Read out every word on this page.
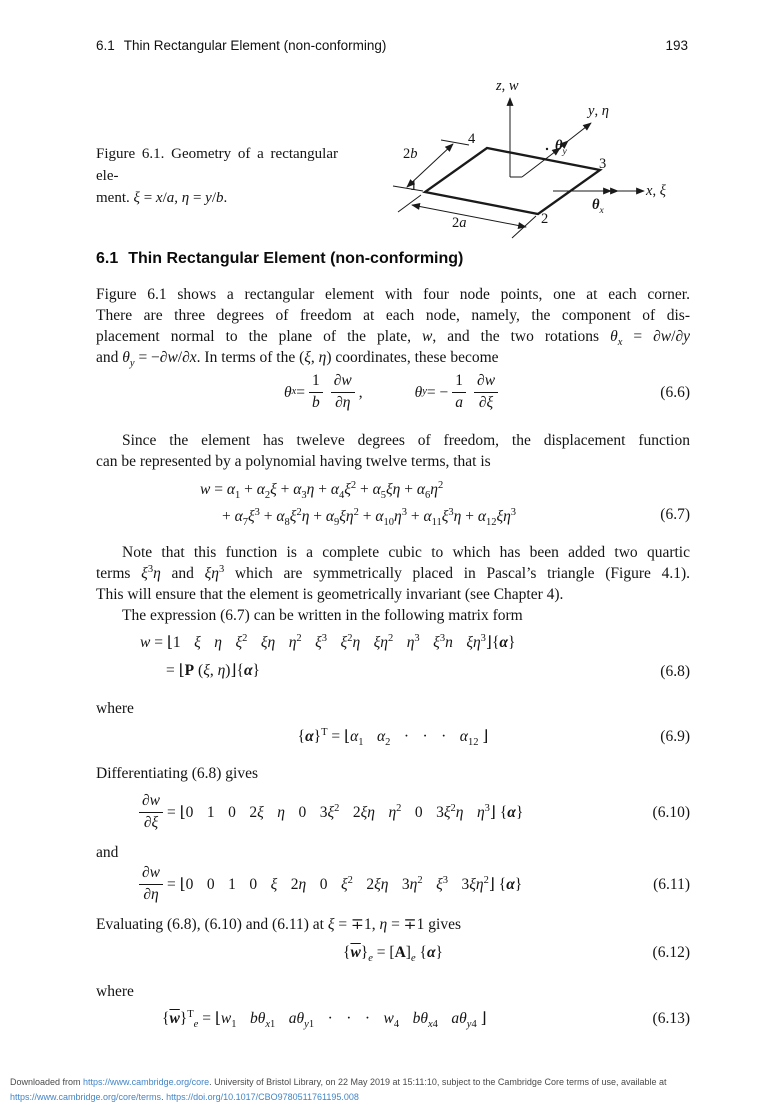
6.1 Thin Rectangular Element (non-conforming)	193
Figure 6.1. Geometry of a rectangular ele-
ment. ξ = x/a, η = y/b.
z, w
y, η
x, ξ
$\theta_y$
$\theta_x$
1
2
3
4
2b
2a
6.1 Thin Rectangular Element (non-conforming)
Figure 6.1 shows a rectangular element with four node points, one at each corner.
There are three degrees of freedom at each node, namely, the component of dis-
placement normal to the plane of the plate, w, and the two rotations $\theta_x = \partial w/\partial y$
and $\theta_y = -\partial w/\partial x$. In terms of the (ξ, η) coordinates, these become
θ x =
1
b
∂w
∂η
,	θ y = −
1
a
∂w
∂ξ
(6.6)
Since the element has tweleve degrees of freedom, the displacement function
can be represented by a polynomial having twelve terms, that is
$w = \alpha_1 + \alpha_2\xi + \alpha_3\eta + \alpha_4\xi^2 + \alpha_5\xi\eta + \alpha_6\eta^2$
+ $\alpha_7\xi^3 + \alpha_8\xi^2\eta + \alpha_9\xi\eta^2 + \alpha_{10}\eta^3 + \alpha_{11}\xi^3\eta + \alpha_{12}\xi\eta^3$	(6.7)
Note that this function is a complete cubic to which has been added two quartic
terms $\xi^3\eta$ and $\xi\eta^3$ which are symmetrically placed in Pascal’s triangle (Figure 4.1).
This will ensure that the element is geometrically invariant (see Chapter 4).
The expression (6.7) can be written in the following matrix form
w = ⌊1 ξ η $\xi^2$ ξη $\eta^2$ $\xi^3$ $\xi^2\eta$ $\xi\eta^2$ $\eta^3$ $\xi^3n$ $\xi\eta^3⌋\{\alpha\}$
= ⌊P (ξ, η)⌋{α}	(6.8)
where
$\{\alpha\}^T$ = $⌊\alpha_1$ $\alpha_2$ · · · $\alpha_{12}$ ⌋	(6.9)
Differentiating (6.8) gives
∂w
∂ξ
= ⌊ 0 1 0 2ξ η 0 $3\xi^2$ 2ξη $\eta^2$ 0 $3\xi^2\eta$ $\eta^3$ ⌋ { α }	(6.10)
and
∂w
∂η
= ⌊ 0 0 1 0 ξ 2η 0 $\xi^2$ 2ξη $3\eta^2$ $\xi^3$ $3\xi\eta^2$ ⌋ { α }	(6.11)
Evaluating (6.8), (6.10) and (6.11) at ξ = ∓1, η = ∓1 gives
$\{\overline{w}\}_e = [A]_e$ {α}	(6.12)
where
$\{\overline{w}\}^T_e$ = $⌊w_1$ $b\theta_{x1}$ $a\theta_{y1}$ · · · $w_4$ $b\theta_{x4}$ $a\theta_{y4}$ ⌋	(6.13)
Downloaded from https://www.cambridge.org/core. University of Bristol Library, on 22 May 2019 at 15:11:10, subject to the Cambridge Core terms of use, available at
https://www.cambridge.org/core/terms. https://doi.org/10.1017/CBO9780511761195.008
